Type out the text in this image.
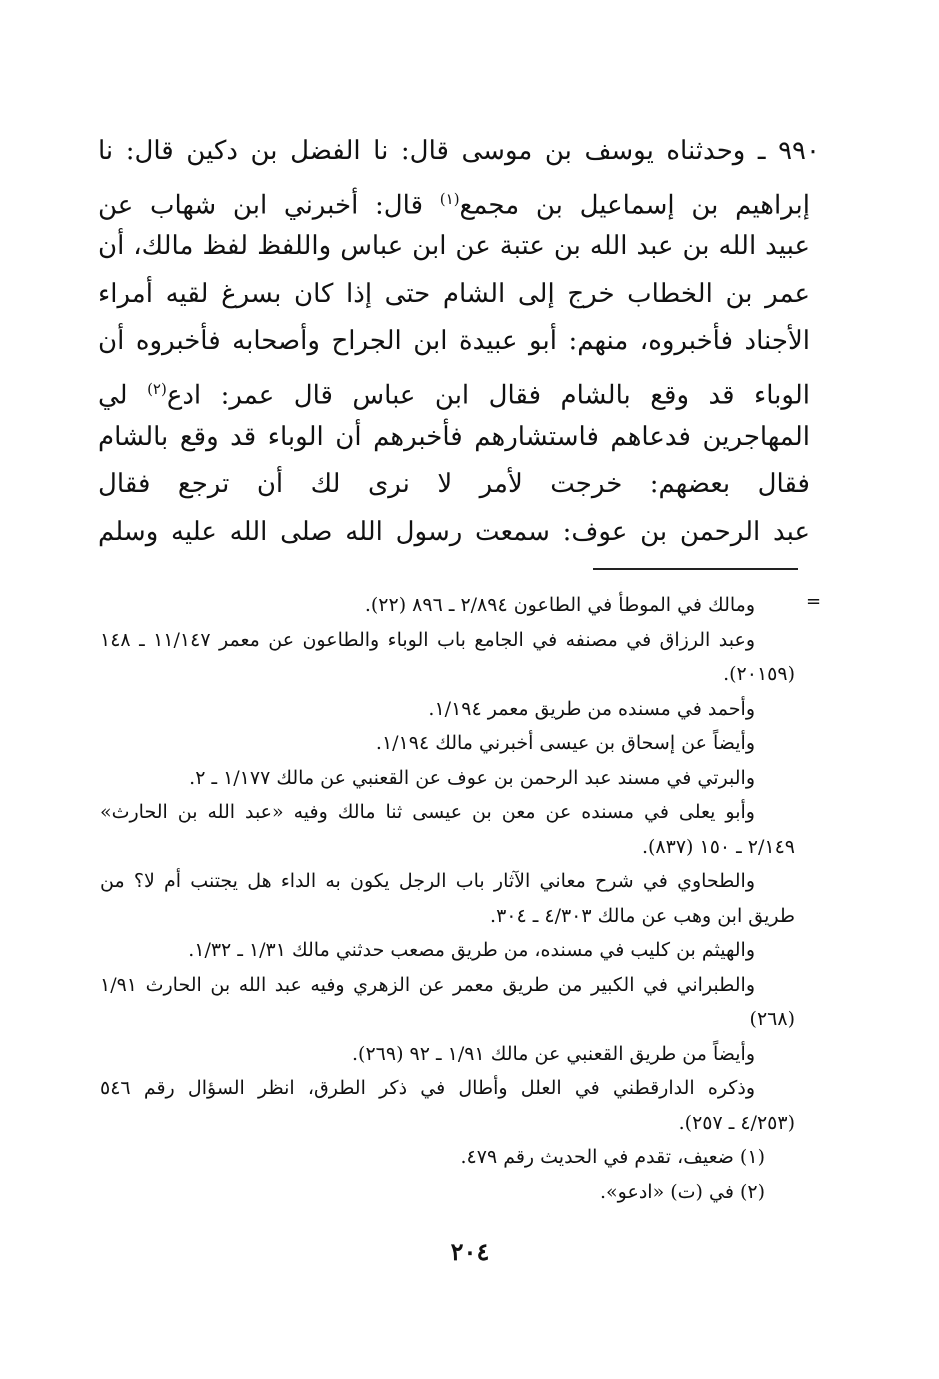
٩٩٠ ـ وحدثناه يوسف بن موسى قال: نا الفضل بن دكين قال: نا
إبراهيم بن إسماعيل بن مجمع$^{(١)}$ قال: أخبرني ابن شهاب عن
عبيد الله بن عبد الله بن عتبة عن ابن عباس واللفظ لفظ مالك، أن
عمر بن الخطاب خرج إلى الشام حتى إذا كان بسرغ لقيه أمراء
الأجناد فأخبروه، منهم: أبو عبيدة ابن الجراح وأصحابه فأخبروه أن
الوباء قد وقع بالشام فقال ابن عباس قال عمر: ادع$^{(٢)}$ لي
المهاجرين فدعاهم فاستشارهم فأخبرهم أن الوباء قد وقع بالشام
فقال بعضهم: خرجت لأمر لا نرى لك أن ترجع فقال
عبد الرحمن بن عوف: سمعت رسول الله صلى الله عليه وسلم
=
ومالك في الموطأ في الطاعون ٢/٨٩٤ ـ ٨٩٦ (٢٢).
وعبد الرزاق في مصنفه في الجامع باب الوباء والطاعون عن معمر ١١/١٤٧ ـ ١٤٨
(٢٠١٥٩).
وأحمد في مسنده من طريق معمر ١/١٩٤.
وأيضاً عن إسحاق بن عيسى أخبرني مالك ١/١٩٤.
والبرتي في مسند عبد الرحمن بن عوف عن القعنبي عن مالك ١/١٧٧ ـ ٢.
وأبو يعلى في مسنده عن معن بن عيسى ثنا مالك وفيه «عبد الله بن الحارث»
٢/١٤٩ ـ ١٥٠ (٨٣٧).
والطحاوي في شرح معاني الآثار باب الرجل يكون به الداء هل يجتنب أم لا؟ من
طريق ابن وهب عن مالك ٤/٣٠٣ ـ ٣٠٤.
والهيثم بن كليب في مسنده، من طريق مصعب حدثني مالك ١/٣١ ـ ١/٣٢.
والطبراني في الكبير من طريق معمر عن الزهري وفيه عبد الله بن الحارث ١/٩١
(٢٦٨)
وأيضاً من طريق القعنبي عن مالك ١/٩١ ـ ٩٢ (٢٦٩).
وذكره الدارقطني في العلل وأطال في ذكر الطرق، انظر السؤال رقم ٥٤٦
(٤/٢٥٣ ـ ٢٥٧).
(١) ضعيف، تقدم في الحديث رقم ٤٧٩.
(٢) في (ت) «ادعو».
٢٠٤
